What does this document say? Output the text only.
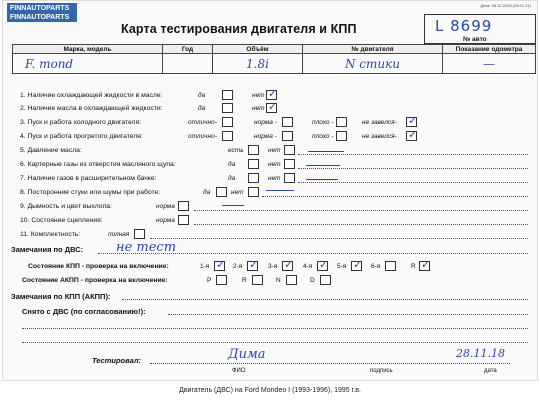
FINNAUTOPARTS
FINNAUTOPARTS
Дата: 08.12.2018 (28.01.21)
Карта тестирования двигателя и КПП	L 8699
№ авто
Марка, модель	Год	Объём	№ двигателя	Показание одометра
F. mond		1.8i	N стики	—
1. Наличие охлаждающей жидкости в масле:	да	нет ✓
2. Наличие масла в охлаждающей жидкости:	да	нет ✓
3. Пуск и работа холодного двигателя:	отлично-	норма -	плохо -	не завелся- ✓
4. Пуск и работа прогретого двигателя:	отлично-	норма -	плохо -	не завелся- ✓
5. Давление масла:	есть	нет
6. Картерные газы из отверстия масляного щупа:	да	нет
7. Наличие газов в расширительном бачке:	да	нет
8. Посторонние стуки или шумы при работе:	да	нет
9. Дымность и цвет выхлопа:	норма
10. Состояние сцепления:	норма
11. Комплектность:	полная
Замечания по ДВС:	не тест
Состояние КПП - проверка на включение:	1-я ✓ 2-я ✓ 3-я ✓ 4-я ✓ 5-я ✓ 6-я	R ✓
Состояние АКПП - проверка на включение:	P	R	N	D
Замечания по КПП (АКПП):
Снято с ДВС (по согласованию!):
Тестировал:	Дима	28.11.18
ФИО	подпись	дата
Двигатель (ДВС) на Ford Mondeo I (1993-1996), 1995 г.в.
